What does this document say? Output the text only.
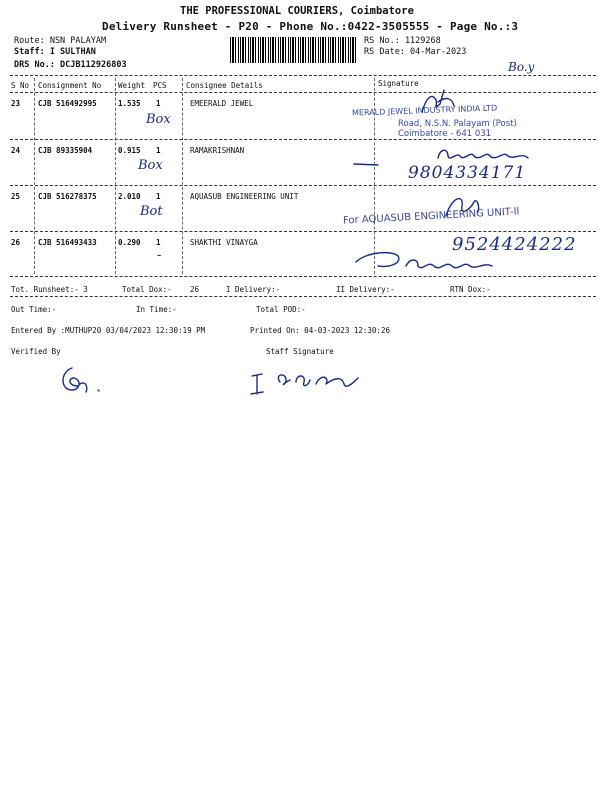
THE PROFESSIONAL COURIERS, Coimbatore
Delivery Runsheet - P20 - Phone No.:0422-3505555 - Page No.:3
Route: NSN PALAYAM
Staff: I SULTHAN
DRS No.: DCJB112926803
RS No.: 1129268
RS Date: 04-Mar-2023
Bo.y
S No Consignment No Weight PCS	Consignee Details	Signature
23 CJB 516492995	1.535 1	EMEERALD JEWEL
Box
MERALD JEWEL INDUSTRY INDIA LTD
Road, N.S.N. Palayam (Post)
Coimbatore - 641 031
24 CJB 89335904	0.915 1	RAMAKRISHNAN
Box	9804334171
25 CJB 516278375	2.010 1	AQUASUB ENGINEERING UNIT
Bot	For AQUASUB ENGINEERING UNIT-II
26 CJB 516493433	0.290 1	SHAKTHI VINAYGA
-
9524424222
Tot. Runsheet:- 3	Total Dox:- 26	I Delivery:-	II Delivery:-	RTN Dox:-
Out Time:-	In Time:-	Total POD:-
Entered By :MUTHUP20 03/04/2023 12:30:19 PM	Printed On: 04-03-2023 12:30:26
Verified By	Staff Signature
